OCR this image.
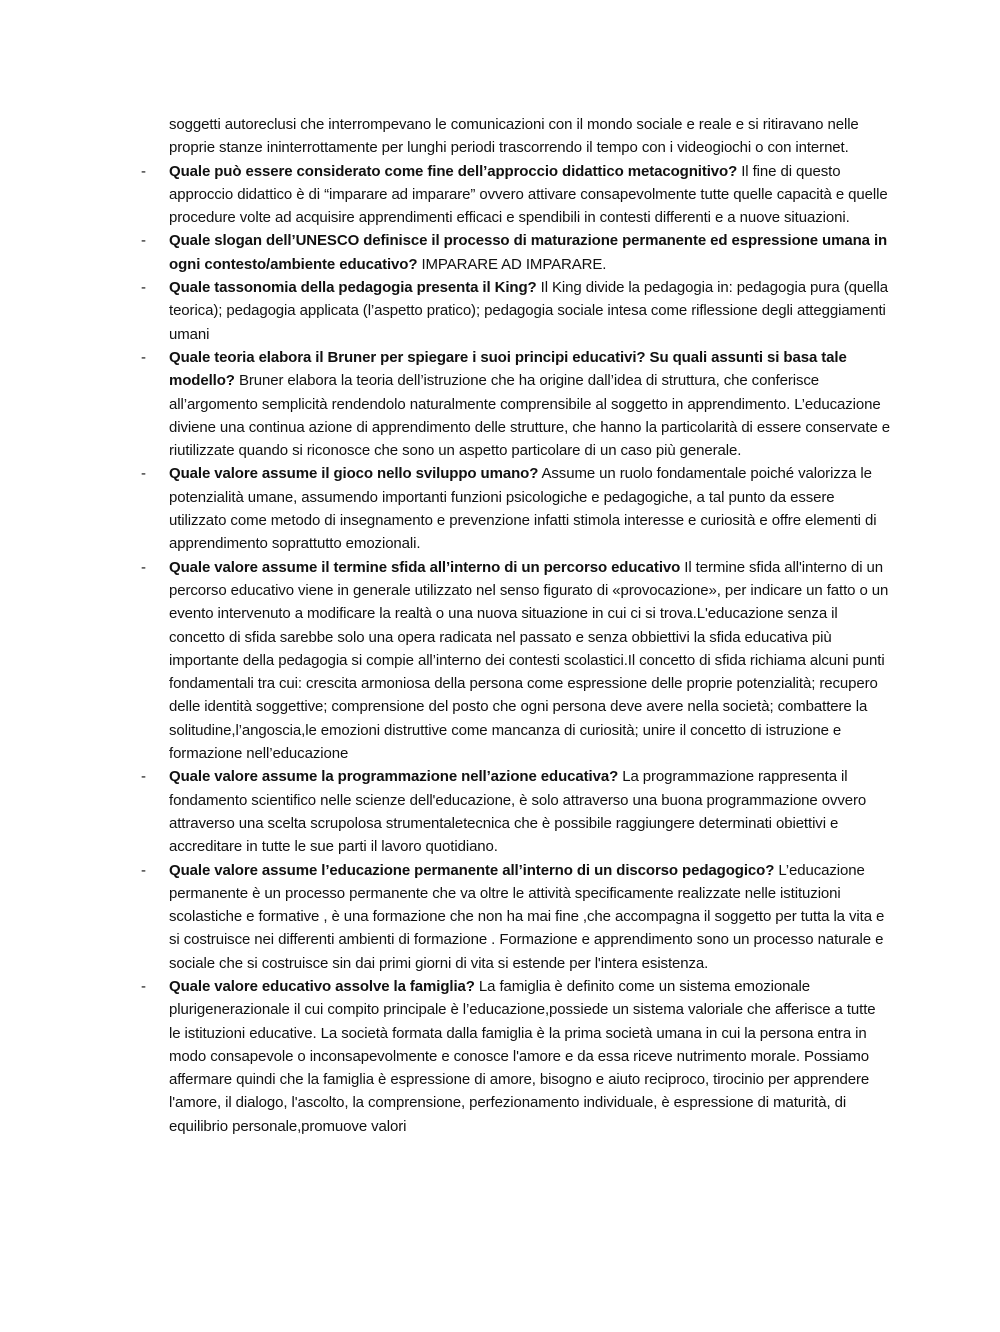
soggetti autoreclusi che interrompevano le comunicazioni con il mondo sociale e reale e si ritiravano nelle proprie stanze ininterrottamente per lunghi periodi trascorrendo il tempo con i videogiochi o con internet.
-	Quale può essere considerato come fine dell’approccio didattico metacognitivo? Il fine di questo approccio didattico è di “imparare ad imparare” ovvero attivare consapevolmente tutte quelle capacità e quelle procedure volte ad acquisire apprendimenti efficaci e spendibili in contesti differenti e a nuove situazioni.
-	Quale slogan dell’UNESCO definisce il processo di maturazione permanente ed espressione umana in ogni contesto/ambiente educativo? IMPARARE AD IMPARARE.
-	Quale tassonomia della pedagogia presenta il King? Il King divide la pedagogia in: pedagogia pura (quella teorica); pedagogia applicata (l’aspetto pratico); pedagogia sociale intesa come riflessione degli atteggiamenti umani
-	Quale teoria elabora il Bruner per spiegare i suoi principi educativi? Su quali assunti si basa tale modello? Bruner elabora la teoria dell’istruzione che ha origine dall’idea di struttura, che conferisce all’argomento semplicità rendendolo naturalmente comprensibile al soggetto in apprendimento. L’educazione diviene una continua azione di apprendimento delle strutture, che hanno la particolarità di essere conservate e riutilizzate quando si riconosce che sono un aspetto particolare di un caso più generale.
-	Quale valore assume il gioco nello sviluppo umano? Assume un ruolo fondamentale poiché valorizza le potenzialità umane, assumendo importanti funzioni psicologiche e pedagogiche, a tal punto da essere utilizzato come metodo di insegnamento e prevenzione infatti stimola interesse e curiosità e offre elementi di apprendimento soprattutto emozionali.
-	Quale valore assume il termine sfida all’interno di un percorso educativo Il termine sfida all'interno di un percorso educativo viene in generale utilizzato nel senso figurato di «provocazione», per indicare un fatto o un evento intervenuto a modificare la realtà o una nuova situazione in cui ci si trova.L'educazione senza il concetto di sfida sarebbe solo una opera radicata nel passato e senza obbiettivi la sfida educativa più importante della pedagogia si compie all’interno dei contesti scolastici.Il concetto di sfida richiama alcuni punti fondamentali tra cui: crescita armoniosa della persona come espressione delle proprie potenzialità; recupero delle identità soggettive; comprensione del posto che ogni persona deve avere nella società; combattere la solitudine,l’angoscia,le emozioni distruttive come mancanza di curiosità; unire il concetto di istruzione e formazione nell’educazione
-	Quale valore assume la programmazione nell’azione educativa? La programmazione rappresenta il fondamento scientifico nelle scienze dell'educazione, è solo attraverso una buona programmazione ovvero attraverso una scelta scrupolosa strumentaletecnica che è possibile raggiungere determinati obiettivi e accreditare in tutte le sue parti il lavoro quotidiano.
-	Quale valore assume l’educazione permanente all’interno di un discorso pedagogico? L’educazione permanente è un processo permanente che va oltre le attività specificamente realizzate nelle istituzioni scolastiche e formative , è una formazione che non ha mai fine ,che accompagna il soggetto per tutta la vita e si costruisce nei differenti ambienti di formazione . Formazione e apprendimento sono un processo naturale e sociale che si costruisce sin dai primi giorni di vita si estende per l'intera esistenza.
-	Quale valore educativo assolve la famiglia? La famiglia è definito come un sistema emozionale plurigenerazionale il cui compito principale è l’educazione,possiede un sistema valoriale che afferisce a tutte le istituzioni educative. La società formata dalla famiglia è la prima società umana in cui la persona entra in modo consapevole o inconsapevolmente e conosce l'amore e da essa riceve nutrimento morale. Possiamo affermare quindi che la famiglia è espressione di amore, bisogno e aiuto reciproco, tirocinio per apprendere l'amore, il dialogo, l'ascolto, la comprensione, perfezionamento individuale, è espressione di maturità, di equilibrio personale,promuove valori
